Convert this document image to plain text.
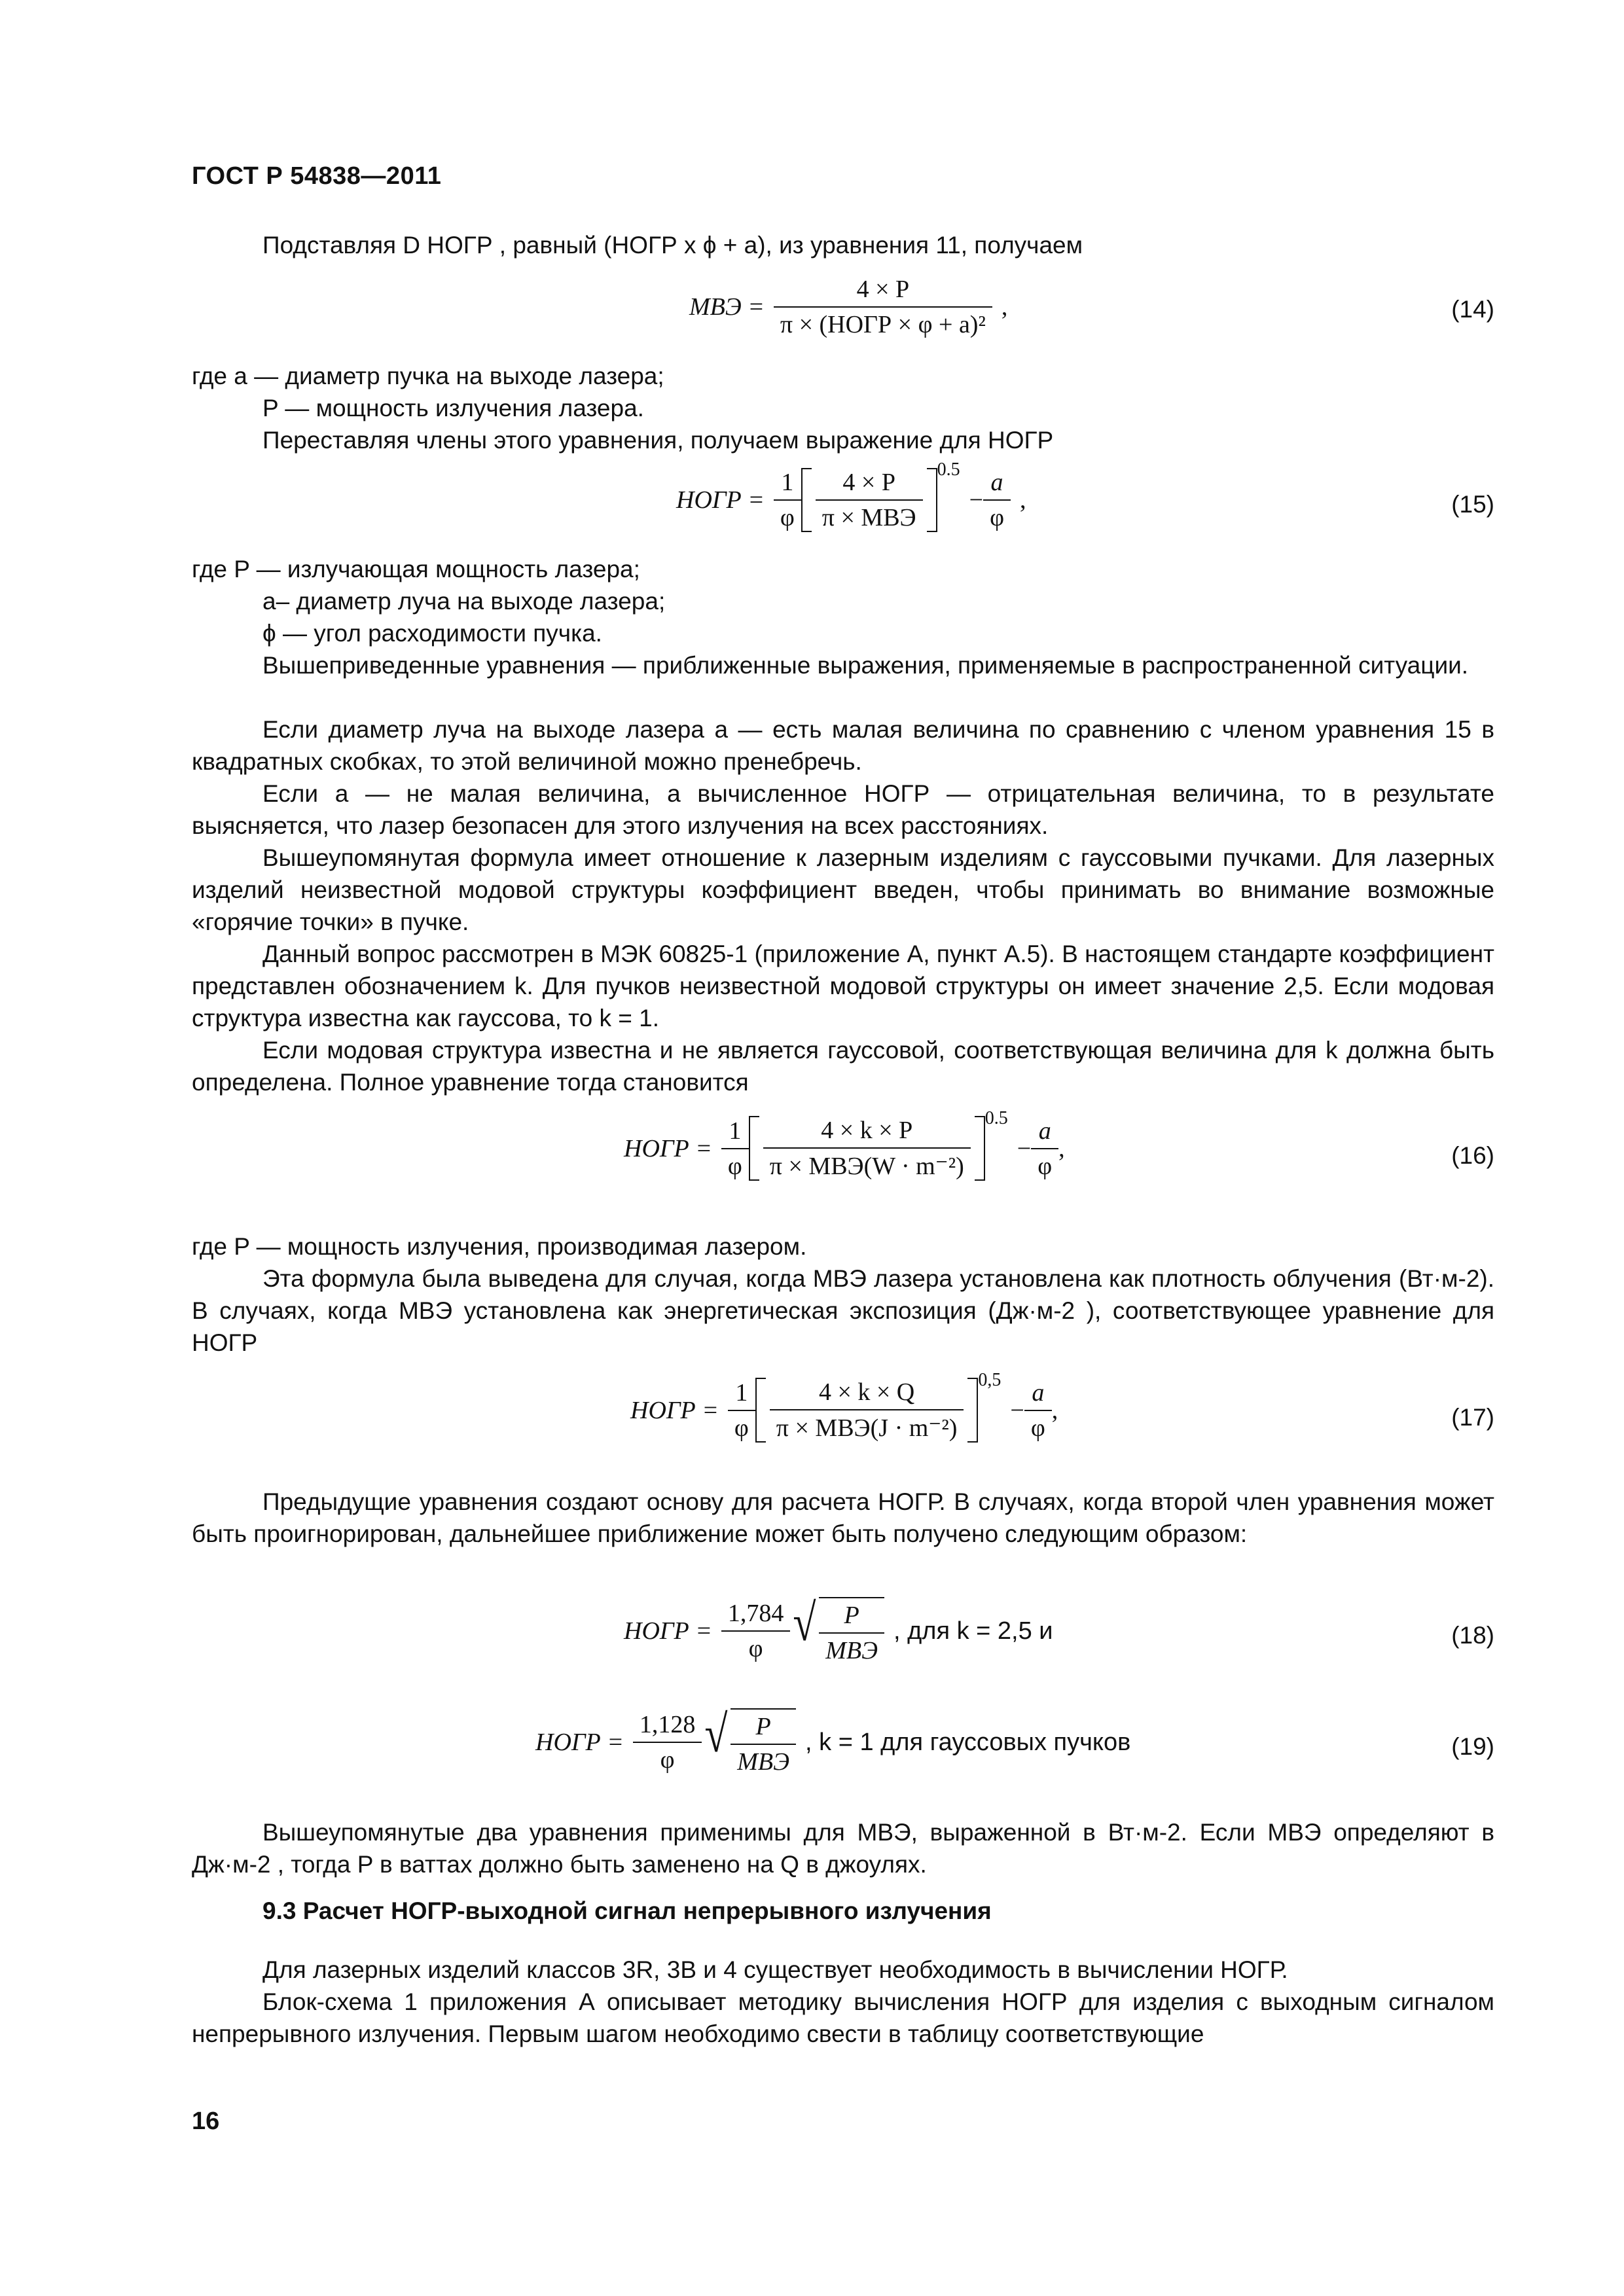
ГОСТ Р 54838—2011

Подставляя D НОГР , равный (НОГР х ϕ + a), из уравнения 11, получаем

МВЭ = $\frac{4 \times P}{\text{π × (НОГР × φ + a)²}}$ ,	(14)

где a — диаметр пучка на выходе лазера;

P — мощность излучения лазера.

Переставляя члены этого уравнения, получаем выражение для НОГР

НОГР = $\frac{1}{\varphi} \frac{4 \times P}{\text{π × МВЭ}} 0.5$
− $\frac{a}{\varphi}$ ,	(15)

где P — излучающая мощность лазера;

a– диаметр луча на выходе лазера;

ϕ — угол расходимости пучка.

Вышеприведенные уравнения — приближенные выражения, применяемые в распространенной ситуации.

Если диаметр луча на выходе лазера a — есть малая величина по сравнению с членом уравнения 15 в квадратных скобках, то этой величиной можно пренебречь.

Если a — не малая величина, а вычисленное НОГР — отрицательная величина, то в результате выясняется, что лазер безопасен для этого излучения на всех расстояниях.

Вышеупомянутая формула имеет отношение к лазерным изделиям с гауссовыми пучками. Для лазерных изделий неизвестной модовой структуры коэффициент введен, чтобы принимать во внимание возможные «горячие точки» в пучке.

Данный вопрос рассмотрен в МЭК 60825-1 (приложение А, пункт А.5). В настоящем стандарте коэффициент представлен обозначением k. Для пучков неизвестной модовой структуры он имеет значение 2,5. Если модовая структура известна как гауссова, то k = 1.

Если модовая структура известна и не является гауссовой, соответствующая величина для k должна быть определена. Полное уравнение тогда становится

НОГР = $\frac{1}{\varphi} \frac{4 \times k \times P}{\text{π × МВЭ(W · m⁻²)}} 0.5$
− $\frac{a}{\varphi}$ ,	(16)

где P — мощность излучения, производимая лазером.

Эта формула была выведена для случая, когда МВЭ лазера установлена как плотность облучения (Вт·м-2). В случаях, когда МВЭ установлена как энергетическая экспозиция (Дж·м-2 ), соответствующее уравнение для НОГР

НОГР = $\frac{1}{\varphi} \frac{4 \times k \times Q}{\text{π × МВЭ(J · m⁻²)}} 0,5$
− $\frac{a}{\varphi}$ ,	(17)

Предыдущие уравнения создают основу для расчета НОГР. В случаях, когда второй член уравнения может быть проигнорирован, дальнейшее приближение может быть получено следующим образом:

НОГР = $\frac{1,784}{\varphi}$ √ $\frac{P}{\text{МВЭ}}$ , для k = 2,5 и	(18)
НОГР = $\frac{1,128}{\varphi}$ √ $\frac{P}{\text{МВЭ}}$ , k = 1 для гауссовых пучков	(19)

Вышеупомянутые два уравнения применимы для МВЭ, выраженной в Вт·м-2. Если МВЭ определяют в Дж·м-2 , тогда P в ваттах должно быть заменено на Q в джоулях.

9.3 Расчет НОГР-выходной сигнал непрерывного излучения

Для лазерных изделий классов 3R, 3B и 4 существует необходимость в вычислении НОГР.

Блок-схема 1 приложения А описывает методику вычисления НОГР для изделия с выходным сигналом непрерывного излучения. Первым шагом необходимо свести в таблицу соответствующие

16
